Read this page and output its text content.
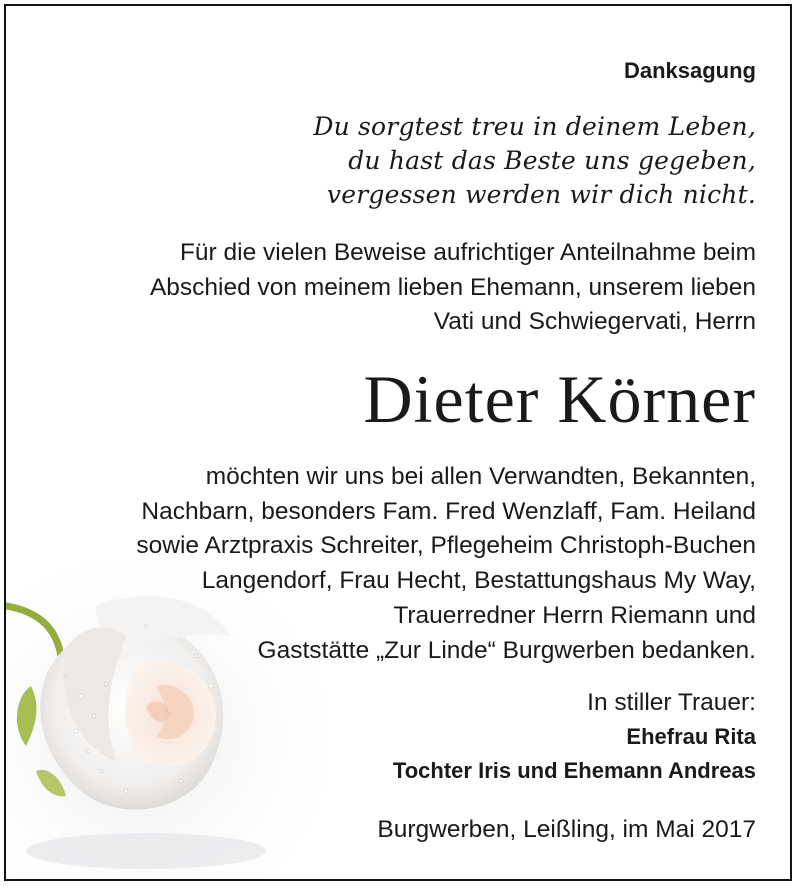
Danksagung
Du sorgtest treu in deinem Leben,
du hast das Beste uns gegeben,
vergessen werden wir dich nicht.
Für die vielen Beweise aufrichtiger Anteilnahme beim
Abschied von meinem lieben Ehemann, unserem lieben
Vati und Schwiegervati, Herrn
Dieter Körner
möchten wir uns bei allen Verwandten, Bekannten,
Nachbarn, besonders Fam. Fred Wenzlaff, Fam. Heiland
sowie Arztpraxis Schreiter, Pflegeheim Christoph-Buchen
Langendorf, Frau Hecht, Bestattungshaus My Way,
Trauerredner Herrn Riemann und
Gaststätte „Zur Linde“ Burgwerben bedanken.
In stiller Trauer:
Ehefrau Rita
Tochter Iris und Ehemann Andreas
Burgwerben, Leißling, im Mai 2017
